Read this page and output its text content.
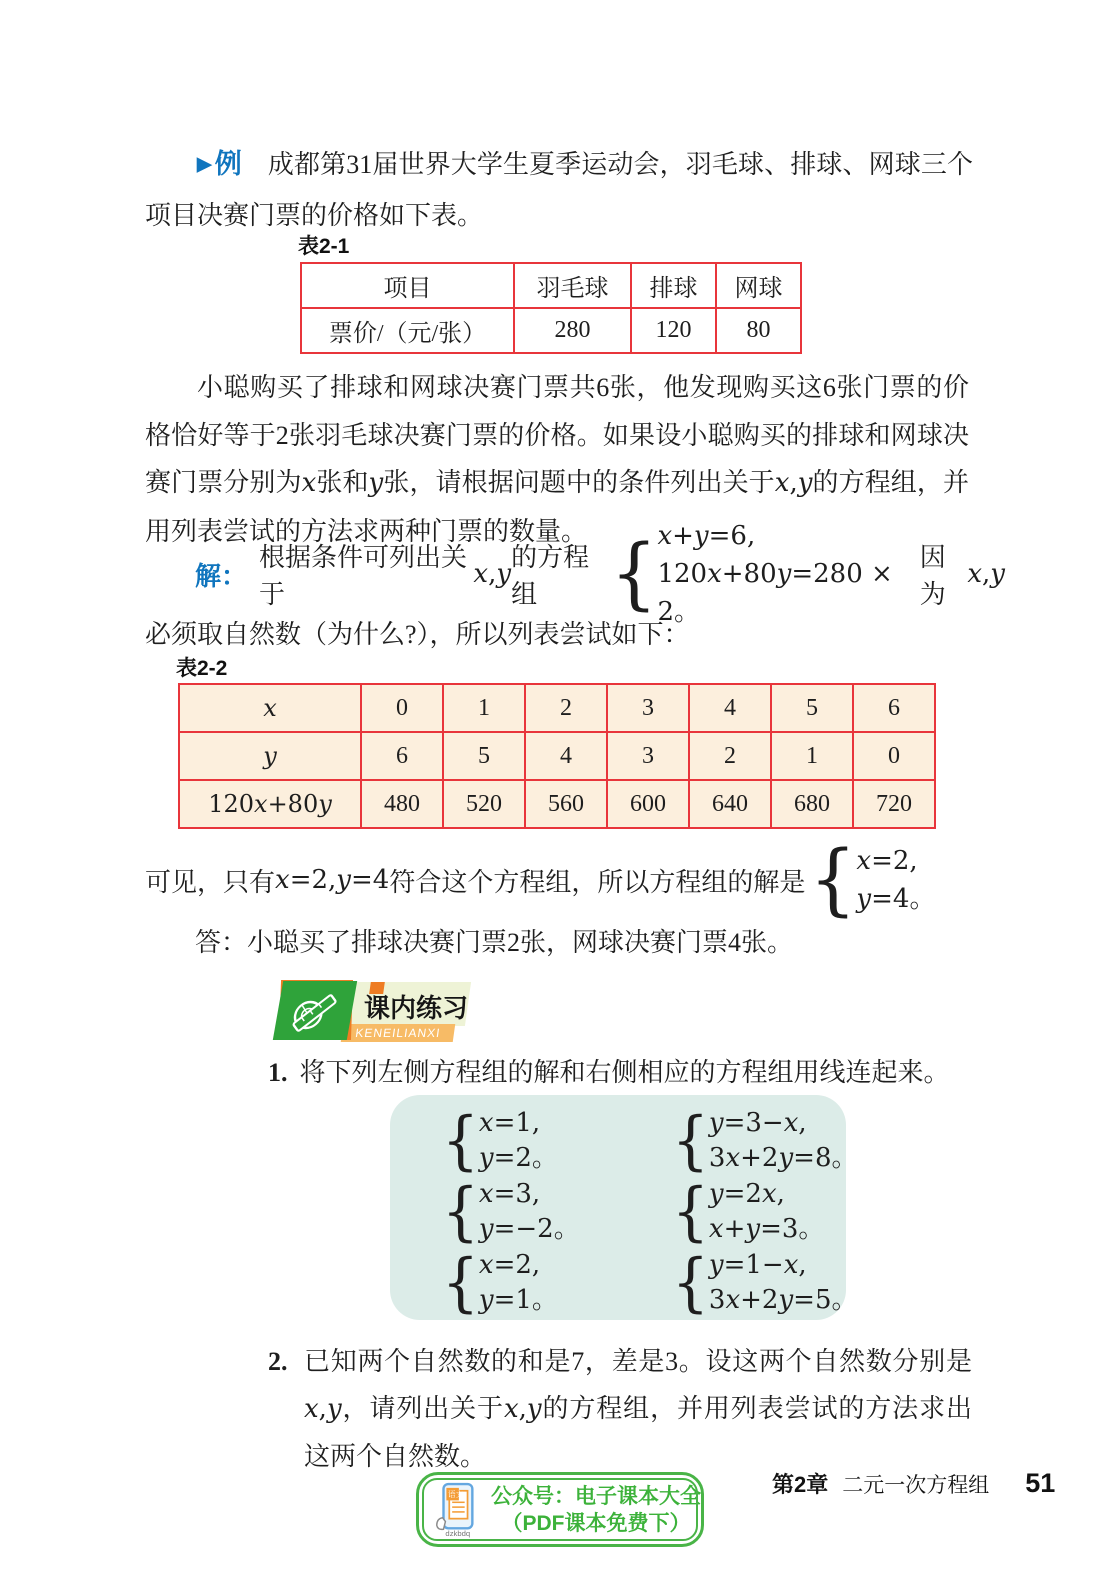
▶ 例 成都第31届世界大学生夏季运动会，羽毛球、排球、网球三个项目决赛门票的价格如下表。
表2-1
项目	羽毛球	排球	网球
票价/（元/张）	280	120	80
小聪购买了排球和网球决赛门票共6张，他发现购买这6张门票的价格恰好等于2张羽毛球决赛门票的价格。如果设小聪购买的排球和网球决赛门票分别为x张和y张，请根据问题中的条件列出关于x,y的方程组，并用列表尝试的方法求两种门票的数量。
解：
根据条件可列出关于
x,y
的方程组 { x+y=6,
120x+80y=280 × 2。
因为
x,y
必须取自然数（为什么?），所以列表尝试如下：
表2-2
x	0	1	2	3	4	5	6
y	6	5	4	3	2	1	0
120x+80y	480	520	560	600	640	680	720
可见，只有 x=2,y=4 符合这个方程组，所以方程组的解是 { x=2,
y=4。
答：小聪买了排球决赛门票2张，网球决赛门票4张。
KENEILIANXI
课内练习
1. 将下列左侧方程组的解和右侧相应的方程组用线连起来。
{ x=1,
y=2。 { y=3−x,
3x+2y=8。
{ x=3,
y=−2。 { y=2x,
x+y=3。
{ x=2,
y=1。 { y=1−x,
3x+2y=5。
2. 已知两个自然数的和是7，差是3。设这两个自然数分别是x,y，请列出关于x,y的方程组，并用列表尝试的方法求出这两个自然数。
语文
dzkbdq
公众号：电子课本大全
（PDF课本免费下）
第2章 二元一次方程组 51
